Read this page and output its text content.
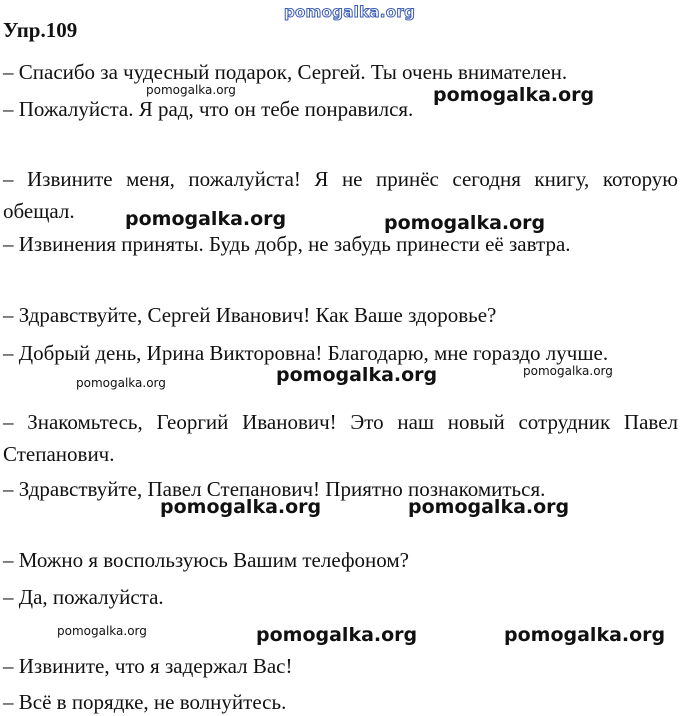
pomogalka.org
Упр.109
– Спасибо за чудесный подарок, Сергей. Ты очень внимателен.
– Пожалуйста. Я рад, что он тебе понравился.
– Извините меня, пожалуйста! Я не принёс сегодня книгу, которую
обещал.
– Извинения приняты. Будь добр, не забудь принести её завтра.
– Здравствуйте, Сергей Иванович! Как Ваше здоровье?
– Добрый день, Ирина Викторовна! Благодарю, мне гораздо лучше.
– Знакомьтесь, Георгий Иванович! Это наш новый сотрудник Павел
Степанович.
– Здравствуйте, Павел Степанович! Приятно познакомиться.
– Можно я воспользуюсь Вашим телефоном?
– Да, пожалуйста.
– Извините, что я задержал Вас!
– Всё в порядке, не волнуйтесь.
pomogalka.org	pomogalka.org
pomogalka.org	pomogalka.org
pomogalka.org	pomogalka.org	pomogalka.org
pomogalka.org	pomogalka.org
pomogalka.org	pomogalka.org	pomogalka.org
